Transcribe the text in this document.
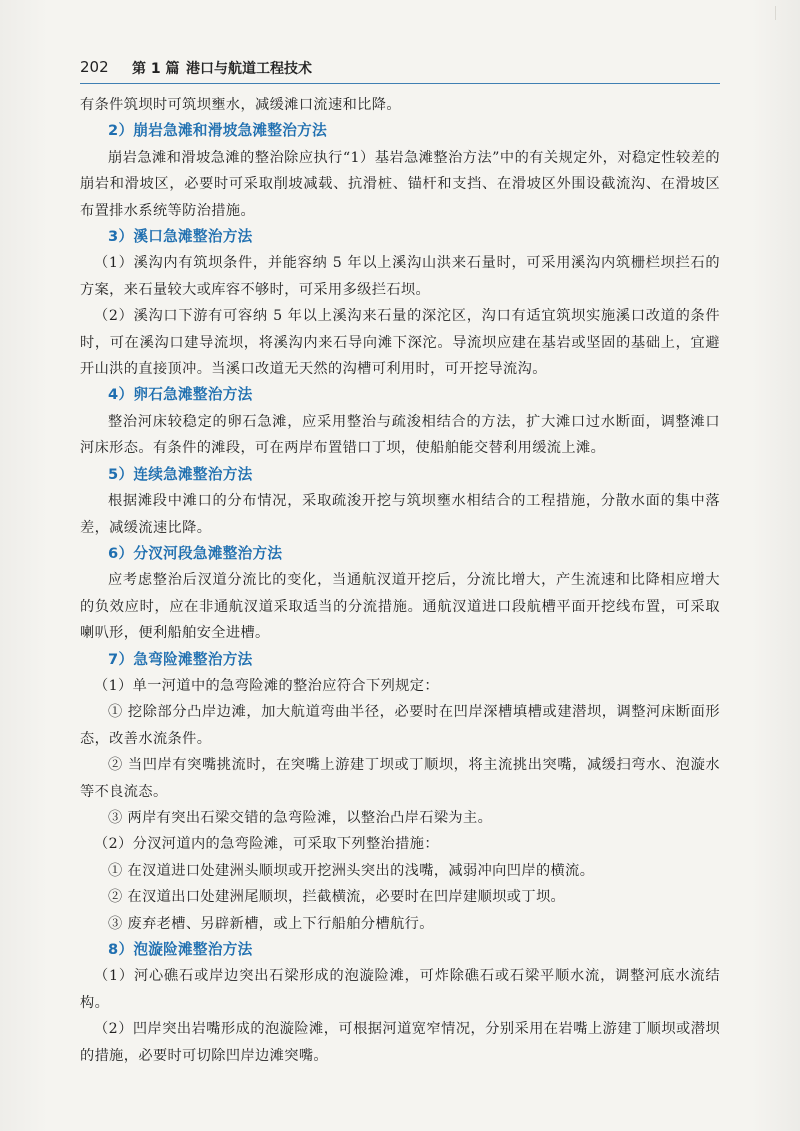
202 第 1 篇 港口与航道工程技术

有条件筑坝时可筑坝壅水，减缓滩口流速和比降。

2）崩岩急滩和滑坡急滩整治方法

崩岩急滩和滑坡急滩的整治除应执行“1）基岩急滩整治方法”中的有关规定外，对稳定性较差的崩岩和滑坡区，必要时可采取削坡减载、抗滑桩、锚杆和支挡、在滑坡区外围设截流沟、在滑坡区布置排水系统等防治措施。

3）溪口急滩整治方法

（1）溪沟内有筑坝条件，并能容纳 5 年以上溪沟山洪来石量时，可采用溪沟内筑栅栏坝拦石的方案，来石量较大或库容不够时，可采用多级拦石坝。

（2）溪沟口下游有可容纳 5 年以上溪沟来石量的深沱区，沟口有适宜筑坝实施溪口改道的条件时，可在溪沟口建导流坝，将溪沟内来石导向滩下深沱。导流坝应建在基岩或坚固的基础上，宜避开山洪的直接顶冲。当溪口改道无天然的沟槽可利用时，可开挖导流沟。

4）卵石急滩整治方法

整治河床较稳定的卵石急滩，应采用整治与疏浚相结合的方法，扩大滩口过水断面，调整滩口河床形态。有条件的滩段，可在两岸布置错口丁坝，使船舶能交替利用缓流上滩。

5）连续急滩整治方法

根据滩段中滩口的分布情况，采取疏浚开挖与筑坝壅水相结合的工程措施，分散水面的集中落差，减缓流速比降。

6）分汊河段急滩整治方法

应考虑整治后汊道分流比的变化，当通航汊道开挖后，分流比增大，产生流速和比降相应增大的负效应时，应在非通航汊道采取适当的分流措施。通航汊道进口段航槽平面开挖线布置，可采取喇叭形，便利船舶安全进槽。

7）急弯险滩整治方法

（1）单一河道中的急弯险滩的整治应符合下列规定：

① 挖除部分凸岸边滩，加大航道弯曲半径，必要时在凹岸深槽填槽或建潜坝，调整河床断面形态，改善水流条件。

② 当凹岸有突嘴挑流时，在突嘴上游建丁坝或丁顺坝，将主流挑出突嘴，减缓扫弯水、泡漩水等不良流态。

③ 两岸有突出石梁交错的急弯险滩，以整治凸岸石梁为主。

（2）分汊河道内的急弯险滩，可采取下列整治措施：

① 在汊道进口处建洲头顺坝或开挖洲头突出的浅嘴，减弱冲向凹岸的横流。

② 在汊道出口处建洲尾顺坝，拦截横流，必要时在凹岸建顺坝或丁坝。

③ 废弃老槽、另辟新槽，或上下行船舶分槽航行。

8）泡漩险滩整治方法

（1）河心礁石或岸边突出石梁形成的泡漩险滩，可炸除礁石或石梁平顺水流，调整河底水流结构。

（2）凹岸突出岩嘴形成的泡漩险滩，可根据河道宽窄情况，分别采用在岩嘴上游建丁顺坝或潜坝的措施，必要时可切除凹岸边滩突嘴。
